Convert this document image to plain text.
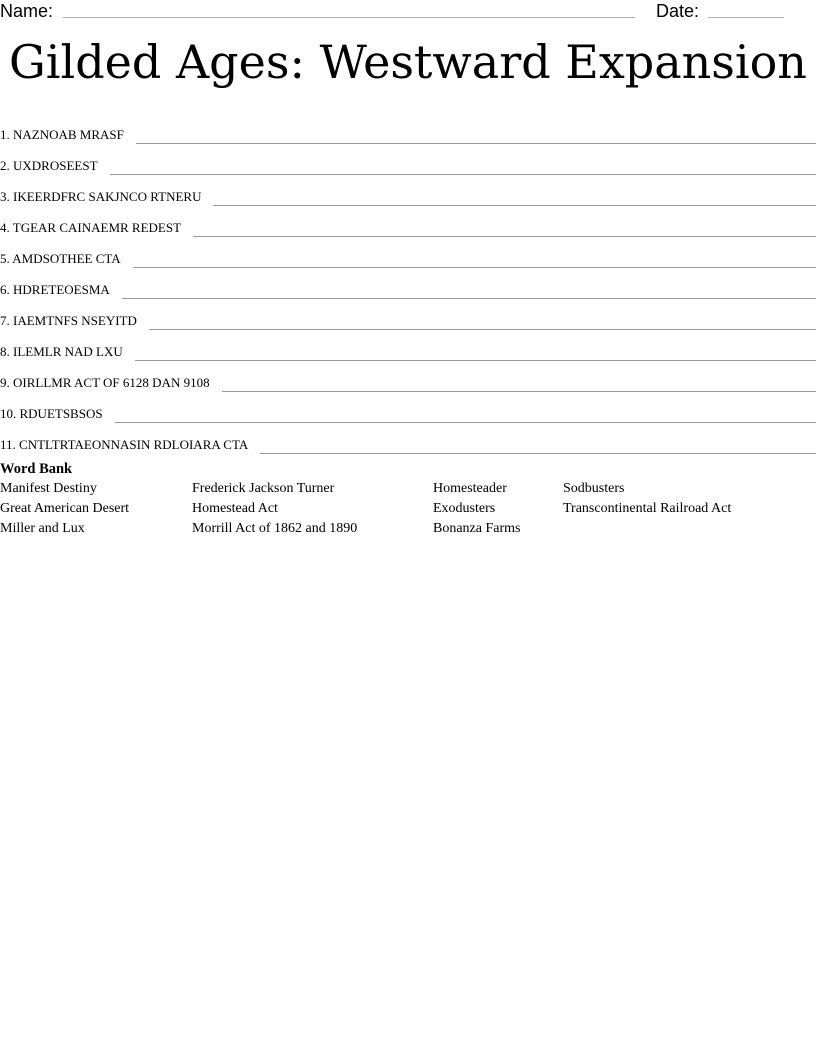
Name:	Date:
Gilded Ages: Westward Expansion
1. NAZNOAB MRASF
2. UXDROSEEST
3. IKEERDFRC SAKJNCO RTNERU
4. TGEAR CAINAEMR REDEST
5. AMDSOTHEE CTA
6. HDRETEOESMA
7. IAEMTNFS NSEYITD
8. ILEMLR NAD LXU
9. OIRLLMR ACT OF 6128 DAN 9108
10. RDUETSBSOS
11. CNTLTRTAEONNASIN RDLOIARA CTA
Word Bank
Manifest Destiny
Great American Desert
Miller and Lux
Frederick Jackson Turner
Homestead Act
Morrill Act of 1862 and 1890
Homesteader
Exodusters
Bonanza Farms
Sodbusters
Transcontinental Railroad Act
